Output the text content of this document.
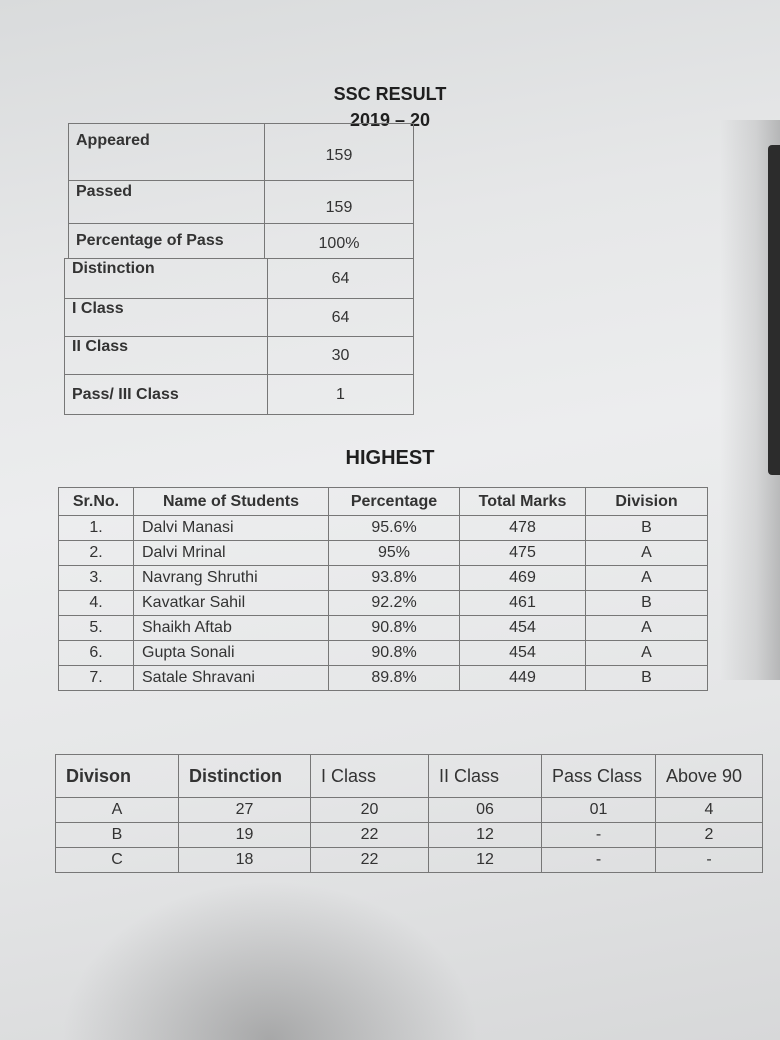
SSC RESULT
2019 – 20
Appeared	159
Passed	159
Percentage of Pass	100%
Distinction	64
I Class	64
II Class	30
Pass/ III Class	1
HIGHEST
Sr.No.	Name of Students	Percentage	Total Marks	Division
1.	Dalvi Manasi	95.6%	478	B
2.	Dalvi Mrinal	95%	475	A
3.	Navrang Shruthi	93.8%	469	A
4.	Kavatkar Sahil	92.2%	461	B
5.	Shaikh Aftab	90.8%	454	A
6.	Gupta Sonali	90.8%	454	A
7.	Satale Shravani	89.8%	449	B
Divison	Distinction	I Class	II Class	Pass Class	Above 90
A	27	20	06	01	4
B	19	22	12	-	2
C	18	22	12	-	-
